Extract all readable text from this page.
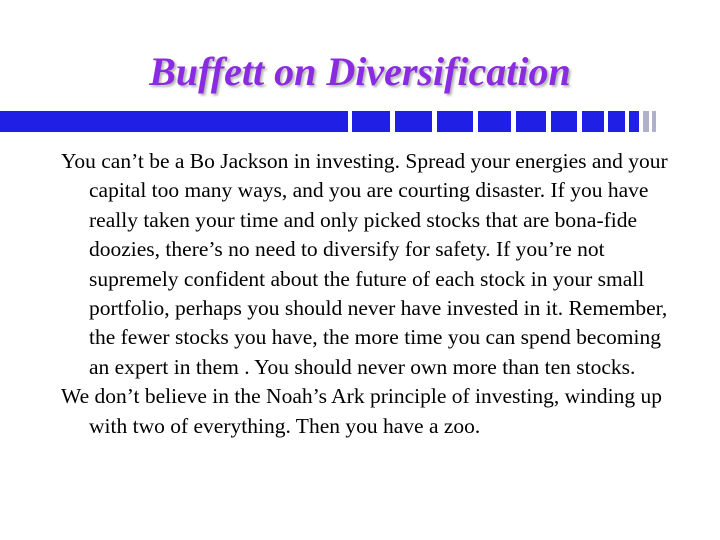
Buffett on Diversification

You can’t be a Bo Jackson in investing. Spread your energies and your capital too many ways, and you are courting disaster. If you have really taken your time and only picked stocks that are bona-fide doozies, there’s no need to diversify for safety. If you’re not supremely confident about the future of each stock in your small portfolio, perhaps you should never have invested in it. Remember, the fewer stocks you have, the more time you can spend becoming an expert in them . You should never own more than ten stocks.

We don’t believe in the Noah’s Ark principle of investing, winding up with two of everything. Then you have a zoo.
